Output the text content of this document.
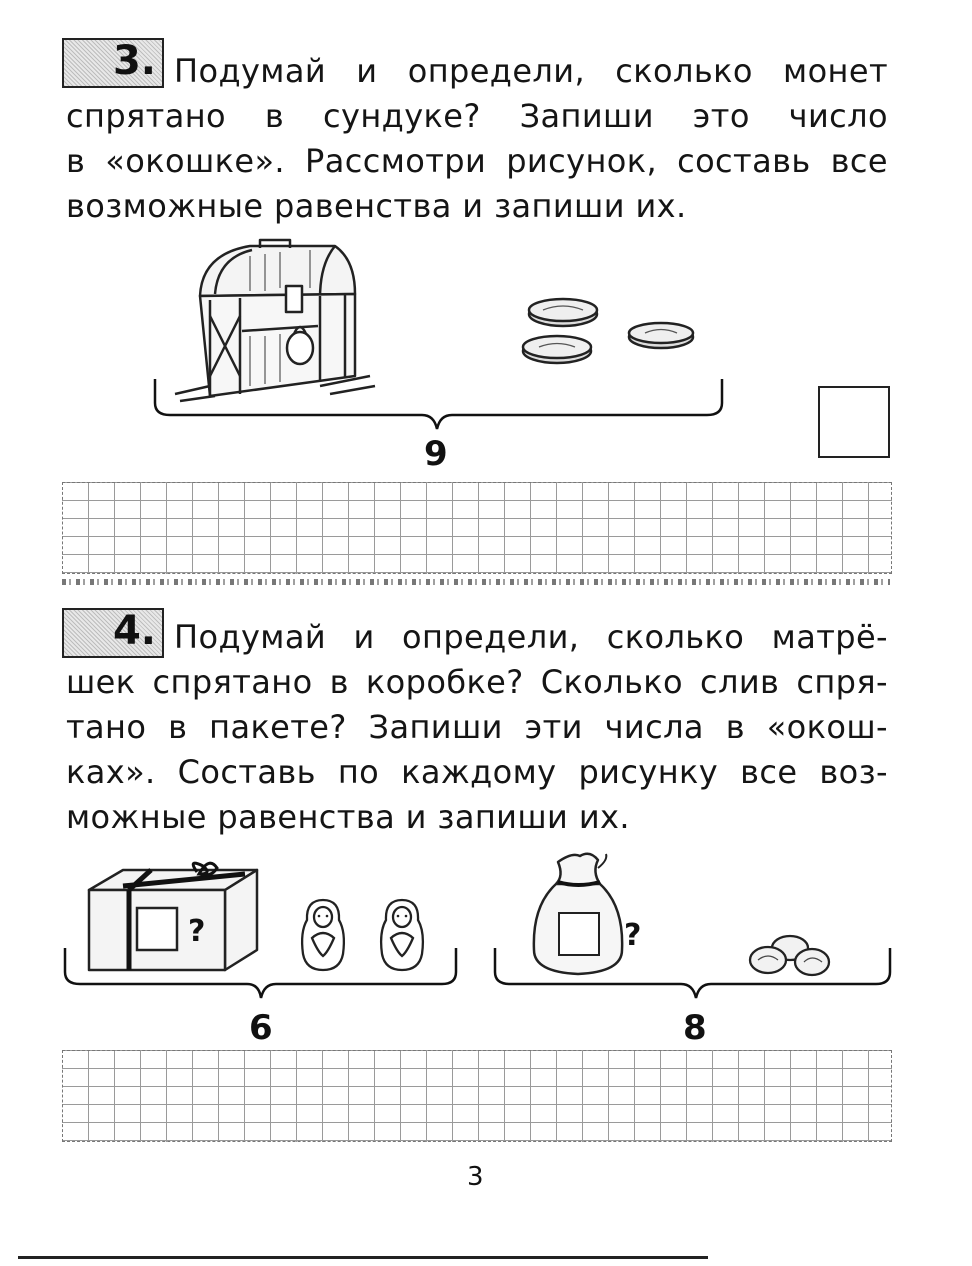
3. Подумай и определи, сколько монет
спрятано в сундуке? Запиши это число
в «окошке». Рассмотри рисунок, составь все
возможные равенства и запиши их.
9
4. Подумай и определи, сколько матрё-
шек спрятано в коробке? Сколько слив спря-
тано в пакете? Запиши эти числа в «окош-
ках». Составь по каждому рисунку все воз-
можные равенства и запиши их.
?
6
?
8
3
